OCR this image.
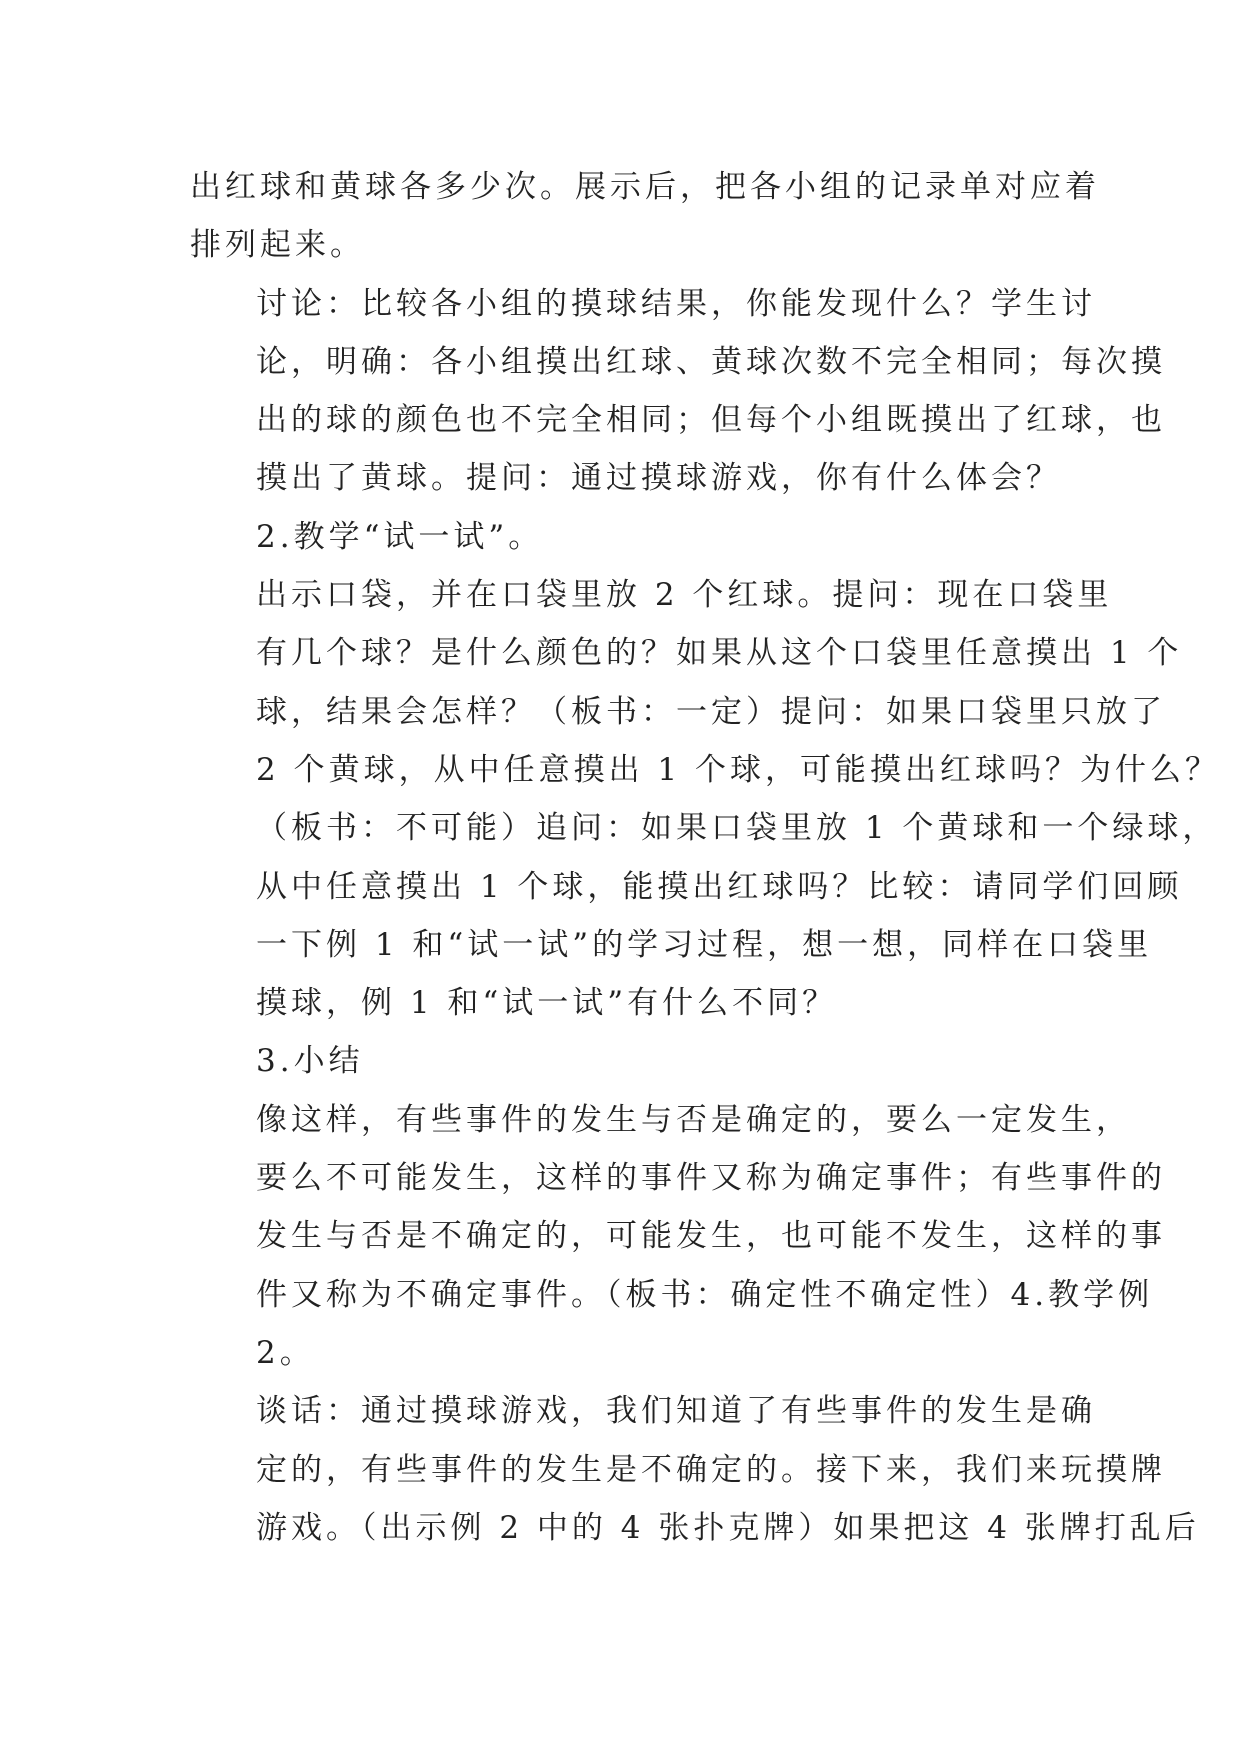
出红球和黄球各多少次。展示后，把各小组的记录单对应着
排列起来。

讨论：比较各小组的摸球结果，你能发现什么？学生讨
论，明确：各小组摸出红球、黄球次数不完全相同；每次摸
出的球的颜色也不完全相同；但每个小组既摸出了红球，也
摸出了黄球。提问：通过摸球游戏，你有什么体会？

2.教学“试一试”。

出示口袋，并在口袋里放 2 个红球。提问：现在口袋里
有几个球？是什么颜色的？如果从这个口袋里任意摸出 1 个
球，结果会怎样？（板书：一定）提问：如果口袋里只放了
2 个黄球，从中任意摸出 1 个球，可能摸出红球吗？为什么？
（板书：不可能）追问：如果口袋里放 1 个黄球和一个绿球，
从中任意摸出 1 个球，能摸出红球吗？比较：请同学们回顾
一下例 1 和“试一试”的学习过程，想一想，同样在口袋里
摸球，例 1 和“试一试”有什么不同？

3.小结

像这样，有些事件的发生与否是确定的，要么一定发生，
要么不可能发生，这样的事件又称为确定事件；有些事件的
发生与否是不确定的，可能发生，也可能不发生，这样的事
件又称为不确定事件。（板书：确定性不确定性）4.教学例
2。

谈话：通过摸球游戏，我们知道了有些事件的发生是确
定的，有些事件的发生是不确定的。接下来，我们来玩摸牌
游戏。（出示例 2 中的 4 张扑克牌）如果把这 4 张牌打乱后
